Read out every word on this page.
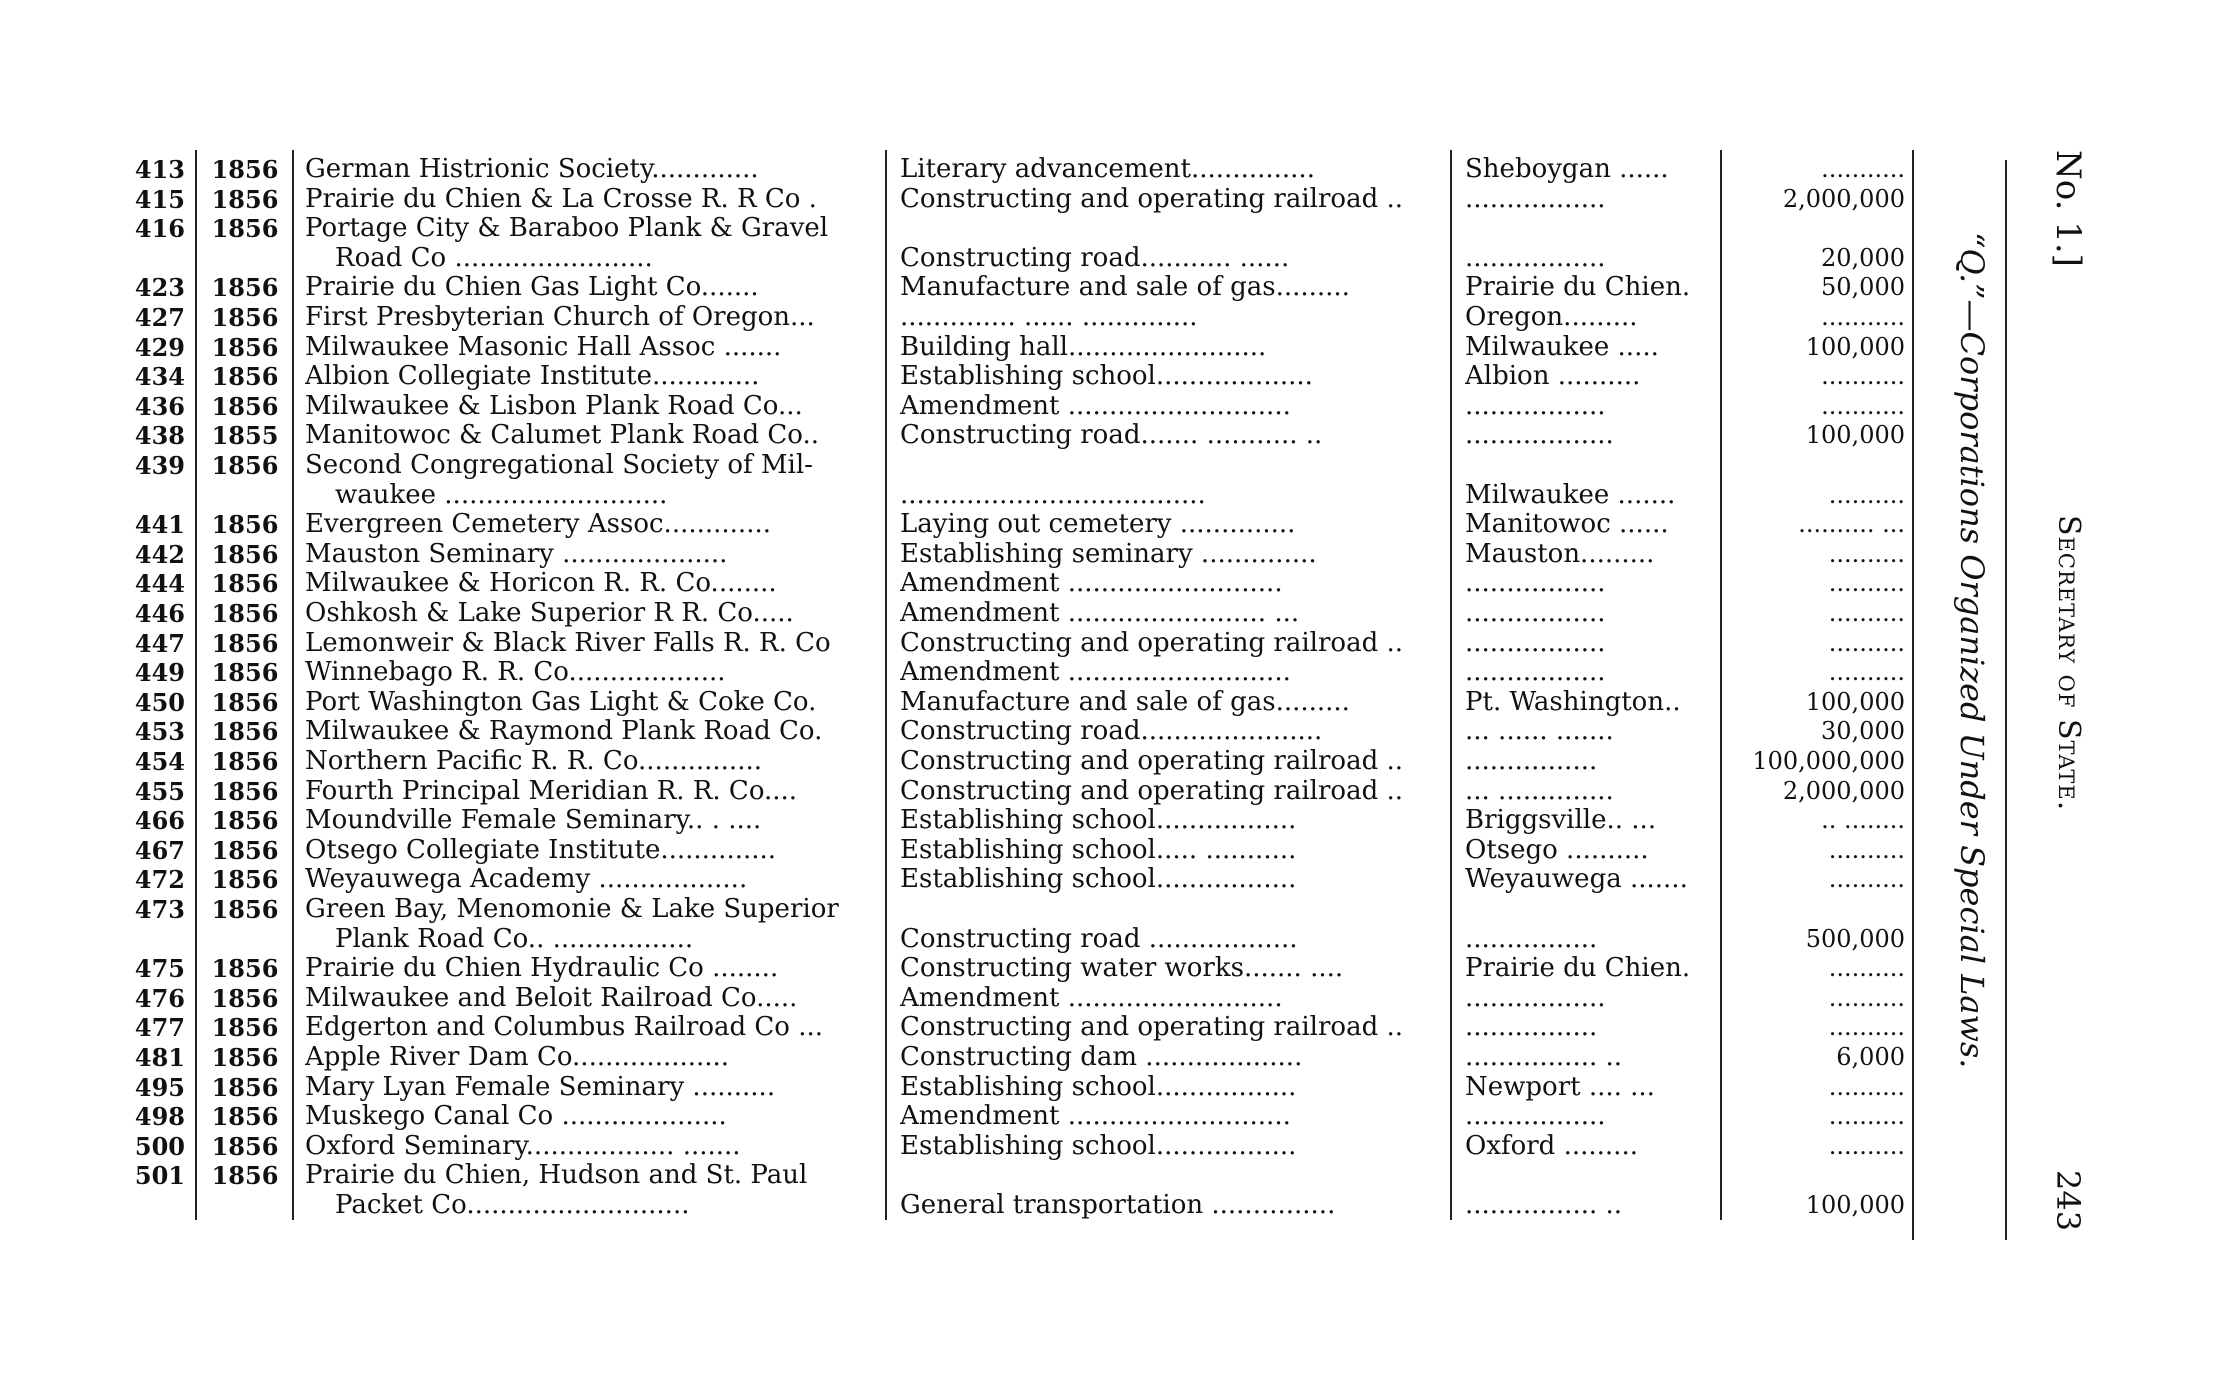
413 1856 German Histrionic Society.............	Literary advancement...............	Sheboygan ......	...........
415 1856 Prairie du Chien & La Crosse R. R Co .	Constructing and operating railroad ..	.................	2,000,000
416 1856 Portage City & Baraboo Plank & Gravel
Road Co ........................	Constructing road........... ......	.................	20,000
423 1856 Prairie du Chien Gas Light Co.......	Manufacture and sale of gas.........	Prairie du Chien.	50,000
427 1856 First Presbyterian Church of Oregon...	.............. ...... ..............	Oregon.........	...........
429 1856 Milwaukee Masonic Hall Assoc .......	Building hall........................	Milwaukee .....	100,000
434 1856 Albion Collegiate Institute.............	Establishing school...................	Albion ..........	...........
436 1856 Milwaukee & Lisbon Plank Road Co...	Amendment ...........................	.................	...........
438 1855 Manitowoc & Calumet Plank Road Co..	Constructing road....... ........... ..	..................	100,000
439 1856 Second Congregational Society of Mil-
waukee ...........................	.....................................	Milwaukee .......	..........
441 1856 Evergreen Cemetery Assoc.............	Laying out cemetery ..............	Manitowoc ......	.......... ...
442 1856 Mauston Seminary ....................	Establishing seminary ..............	Mauston.........	..........
444 1856 Milwaukee & Horicon R. R. Co........	Amendment ..........................	.................	..........
446 1856 Oshkosh & Lake Superior R R. Co.....	Amendment ........................ ...	.................	..........
447 1856 Lemonweir & Black River Falls R. R. Co	Constructing and operating railroad ..	.................	..........
449 1856 Winnebago R. R. Co...................	Amendment ...........................	.................	..........
450 1856 Port Washington Gas Light & Coke Co.	Manufacture and sale of gas.........	Pt. Washington..	100,000
453 1856 Milwaukee & Raymond Plank Road Co.	Constructing road......................	... ...... .......	30,000
454 1856 Northern Pacific R. R. Co...............	Constructing and operating railroad ..	................	100,000,000
455 1856 Fourth Principal Meridian R. R. Co....	Constructing and operating railroad ..	... ..............	2,000,000
466 1856 Moundville Female Seminary.. . ....	Establishing school.................	Briggsville.. ...	.. ........
467 1856 Otsego Collegiate Institute..............	Establishing school..... ...........	Otsego ..........	..........
472 1856 Weyauwega Academy ..................	Establishing school.................	Weyauwega .......	..........
473 1856 Green Bay, Menomonie & Lake Superior
Plank Road Co.. .................	Constructing road ..................	................	500,000
475 1856 Prairie du Chien Hydraulic Co ........	Constructing water works....... ....	Prairie du Chien.	..........
476 1856 Milwaukee and Beloit Railroad Co.....	Amendment ..........................	.................	..........
477 1856 Edgerton and Columbus Railroad Co ...	Constructing and operating railroad ..	................	..........
481 1856 Apple River Dam Co...................	Constructing dam ...................	................ ..	6,000
495 1856 Mary Lyan Female Seminary ..........	Establishing school.................	Newport .... ...	..........
498 1856 Muskego Canal Co ....................	Amendment ...........................	.................	..........
500 1856 Oxford Seminary.................. .......	Establishing school.................	Oxford .........	..........
501 1856 Prairie du Chien, Hudson and St. Paul
Packet Co...........................	General transportation ...............	................ ..	100,000
“Q.”—Corporations Organized Under Special Laws.
No. 1.]
Secretary of State.
243
